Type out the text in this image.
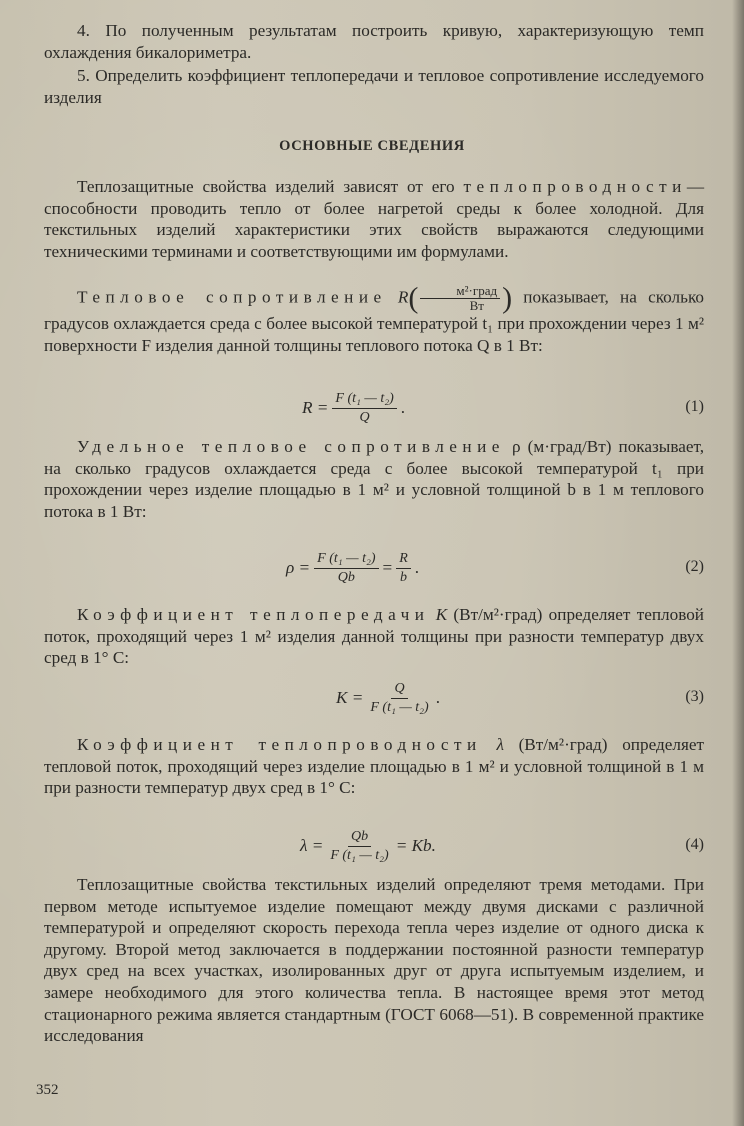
4. По полученным результатам построить кривую, характеризующую темп охлаждения бикалориметра.

5. Определить коэффициент теплопередачи и тепловое сопротивление исследуемого изделия

ОСНОВНЫЕ СВЕДЕНИЯ

Теплозащитные свойства изделий зависят от его теплопроводности—способности проводить тепло от более нагретой среды к более холодной. Для текстильных изделий характеристики этих свойств выражаются следующими техническими терминами и соответствующими им формулами.

Тепловое сопротивление $R( \frac{\text{м²·град}}{Вт}$ ) показывает, на сколько градусов охлаждается среда с более высокой температурой t₁ при прохождении через 1 м² поверхности F изделия данной толщины теплового потока Q в 1 Вт:

$R = \frac{\text{F (t₁ — t₂)}}{Q}$ .	(1)

Удельное тепловое сопротивление ρ (м·град/Вт) показывает, на сколько градусов охлаждается среда с более высокой температурой t₁ при прохождении через изделие площадью в 1 м² и условной толщиной b в 1 м теплового потока в 1 Вт:

$\rho = \frac{\text{F (t₁ — t₂)}}{Qb} = \frac{R}{b}$ .	(2)

Коэффициент теплопередачи K (Вт/м²·град) определяет тепловой поток, проходящий через 1 м² изделия данной толщины при разности температур двух сред в 1° С:

$K = \frac{Q}{\text{F (t₁ — t₂)}}$ .	(3)

Коэффициент теплопроводности λ (Вт/м²·град) определяет тепловой поток, проходящий через изделие площадью в 1 м² и условной толщиной в 1 м при разности температур двух сред в 1° С:

$\lambda = \frac{Qb}{\text{F (t₁ — t₂)}} = Kb$.	(4)

Теплозащитные свойства текстильных изделий определяют тремя методами. При первом методе испытуемое изделие помещают между двумя дисками с различной температурой и определяют скорость перехода тепла через изделие от одного диска к другому. Второй метод заключается в поддержании постоянной разности температур двух сред на всех участках, изолированных друг от друга испытуемым изделием, и замере необходимого для этого количества тепла. В настоящее время этот метод стационарного режима является стандартным (ГОСТ 6068—51). В современной практике исследования

352
